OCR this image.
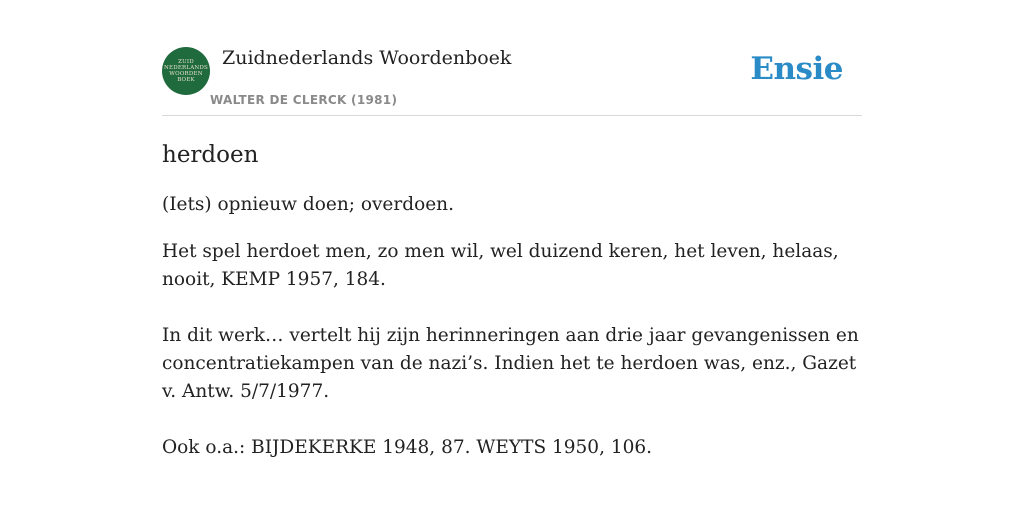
ZUID
NEDERLANDS
WOORDEN
BOEK
Zuidnederlands Woordenboek
WALTER DE CLERCK (1981)
Ensie
herdoen
(Iets) opnieuw doen; overdoen.
Het spel herdoet men, zo men wil, wel duizend keren, het leven, helaas, nooit, KEMP 1957, 184.
In dit werk… vertelt hij zijn herinneringen aan drie jaar gevangenissen en concentratiekampen van de nazi’s. Indien het te herdoen was, enz., Gazet v. Antw. 5/7/1977.
Ook o.a.: BIJDEKERKE 1948, 87. WEYTS 1950, 106.
